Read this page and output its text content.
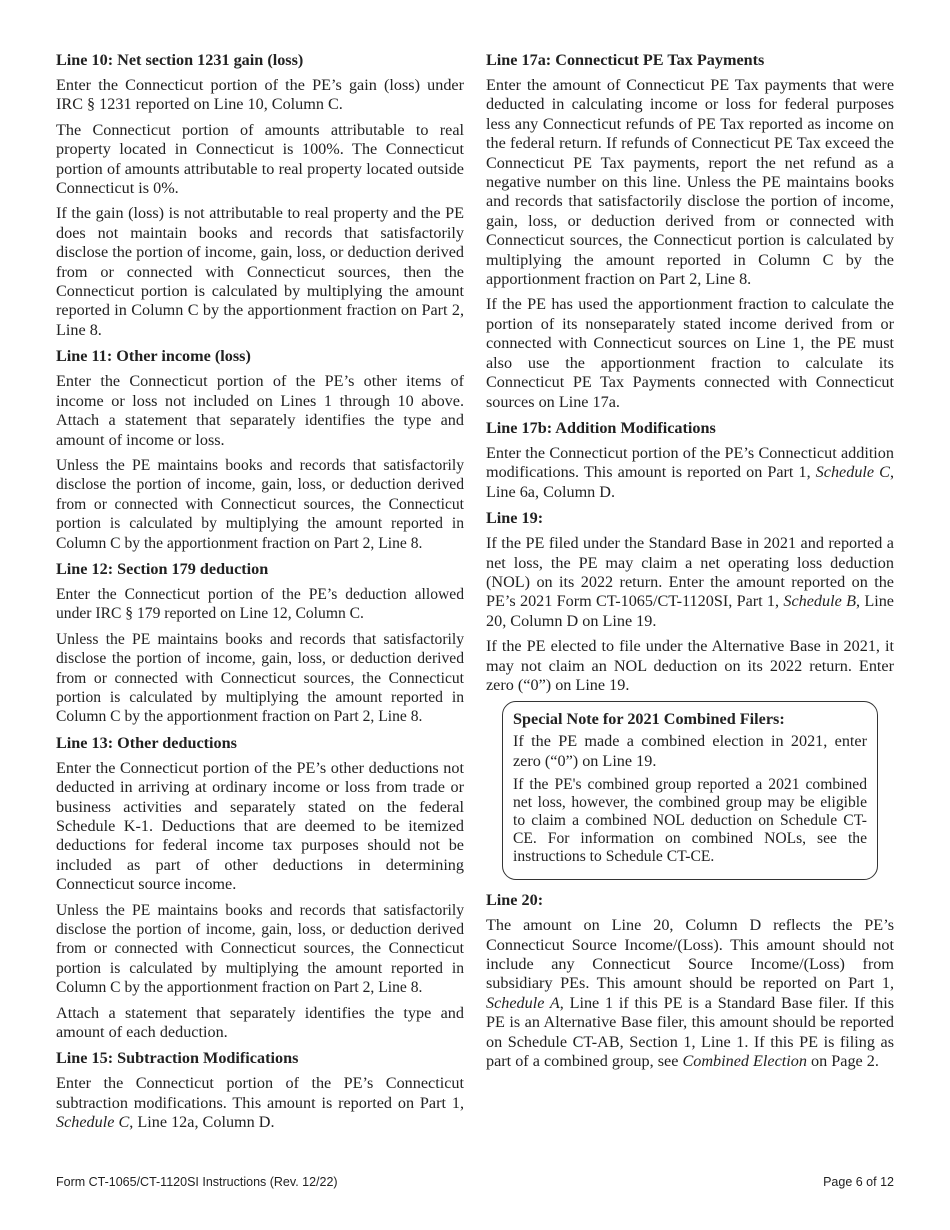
Line 10: Net section 1231 gain (loss)

Enter the Connecticut portion of the PE’s gain (loss) under IRC § 1231 reported on Line 10, Column C.

The Connecticut portion of amounts attributable to real property located in Connecticut is 100%. The Connecticut portion of amounts attributable to real property located outside Connecticut is 0%.

If the gain (loss) is not attributable to real property and the PE does not maintain books and records that satisfactorily disclose the portion of income, gain, loss, or deduction derived from or connected with Connecticut sources, then the Connecticut portion is calculated by multiplying the amount reported in Column C by the apportionment fraction on Part 2, Line 8.

Line 11: Other income (loss)

Enter the Connecticut portion of the PE’s other items of income or loss not included on Lines 1 through 10 above. Attach a statement that separately identifies the type and amount of income or loss.

Unless the PE maintains books and records that satisfactorily disclose the portion of income, gain, loss, or deduction derived from or connected with Connecticut sources, the Connecticut portion is calculated by multiplying the amount reported in Column C by the apportionment fraction on Part 2, Line 8.

Line 12: Section 179 deduction

Enter the Connecticut portion of the PE’s deduction allowed under IRC § 179 reported on Line 12, Column C.

Unless the PE maintains books and records that satisfactorily disclose the portion of income, gain, loss, or deduction derived from or connected with Connecticut sources, the Connecticut portion is calculated by multiplying the amount reported in Column C by the apportionment fraction on Part 2, Line 8.

Line 13: Other deductions

Enter the Connecticut portion of the PE’s other deductions not deducted in arriving at ordinary income or loss from trade or business activities and separately stated on the federal Schedule K-1. Deductions that are deemed to be itemized deductions for federal income tax purposes should not be included as part of other deductions in determining Connecticut source income.

Unless the PE maintains books and records that satisfactorily disclose the portion of income, gain, loss, or deduction derived from or connected with Connecticut sources, the Connecticut portion is calculated by multiplying the amount reported in Column C by the apportionment fraction on Part 2, Line 8.

Attach a statement that separately identifies the type and amount of each deduction.

Line 15: Subtraction Modifications

Enter the Connecticut portion of the PE’s Connecticut subtraction modifications. This amount is reported on Part 1, Schedule C, Line 12a, Column D.

Line 17a: Connecticut PE Tax Payments

Enter the amount of Connecticut PE Tax payments that were deducted in calculating income or loss for federal purposes less any Connecticut refunds of PE Tax reported as income on the federal return. If refunds of Connecticut PE Tax exceed the Connecticut PE Tax payments, report the net refund as a negative number on this line. Unless the PE maintains books and records that satisfactorily disclose the portion of income, gain, loss, or deduction derived from or connected with Connecticut sources, the Connecticut portion is calculated by multiplying the amount reported in Column C by the apportionment fraction on Part 2, Line 8.

If the PE has used the apportionment fraction to calculate the portion of its nonseparately stated income derived from or connected with Connecticut sources on Line 1, the PE must also use the apportionment fraction to calculate its Connecticut PE Tax Payments connected with Connecticut sources on Line 17a.

Line 17b: Addition Modifications

Enter the Connecticut portion of the PE’s Connecticut addition modifications. This amount is reported on Part 1, Schedule C, Line 6a, Column D.

Line 19:

If the PE filed under the Standard Base in 2021 and reported a net loss, the PE may claim a net operating loss deduction (NOL) on its 2022 return. Enter the amount reported on the PE’s 2021 Form CT-1065/CT-1120SI, Part 1, Schedule B, Line 20, Column D on Line 19.

If the PE elected to file under the Alternative Base in 2021, it may not claim an NOL deduction on its 2022 return. Enter zero (“0”) on Line 19.

Special Note for 2021 Combined Filers:

If the PE made a combined election in 2021, enter zero (“0”) on Line 19.

If the PE's combined group reported a 2021 combined net loss, however, the combined group may be eligible to claim a combined NOL deduction on Schedule CT-CE. For information on combined NOLs, see the instructions to Schedule CT-CE.

Line 20:

The amount on Line 20, Column D reflects the PE’s Connecticut Source Income/(Loss). This amount should not include any Connecticut Source Income/(Loss) from subsidiary PEs. This amount should be reported on Part 1, Schedule A, Line 1 if this PE is a Standard Base filer. If this PE is an Alternative Base filer, this amount should be reported on Schedule CT-AB, Section 1, Line 1. If this PE is filing as part of a combined group, see Combined Election on Page 2.

Form CT-1065/CT-1120SI Instructions (Rev. 12/22)	Page 6 of 12
